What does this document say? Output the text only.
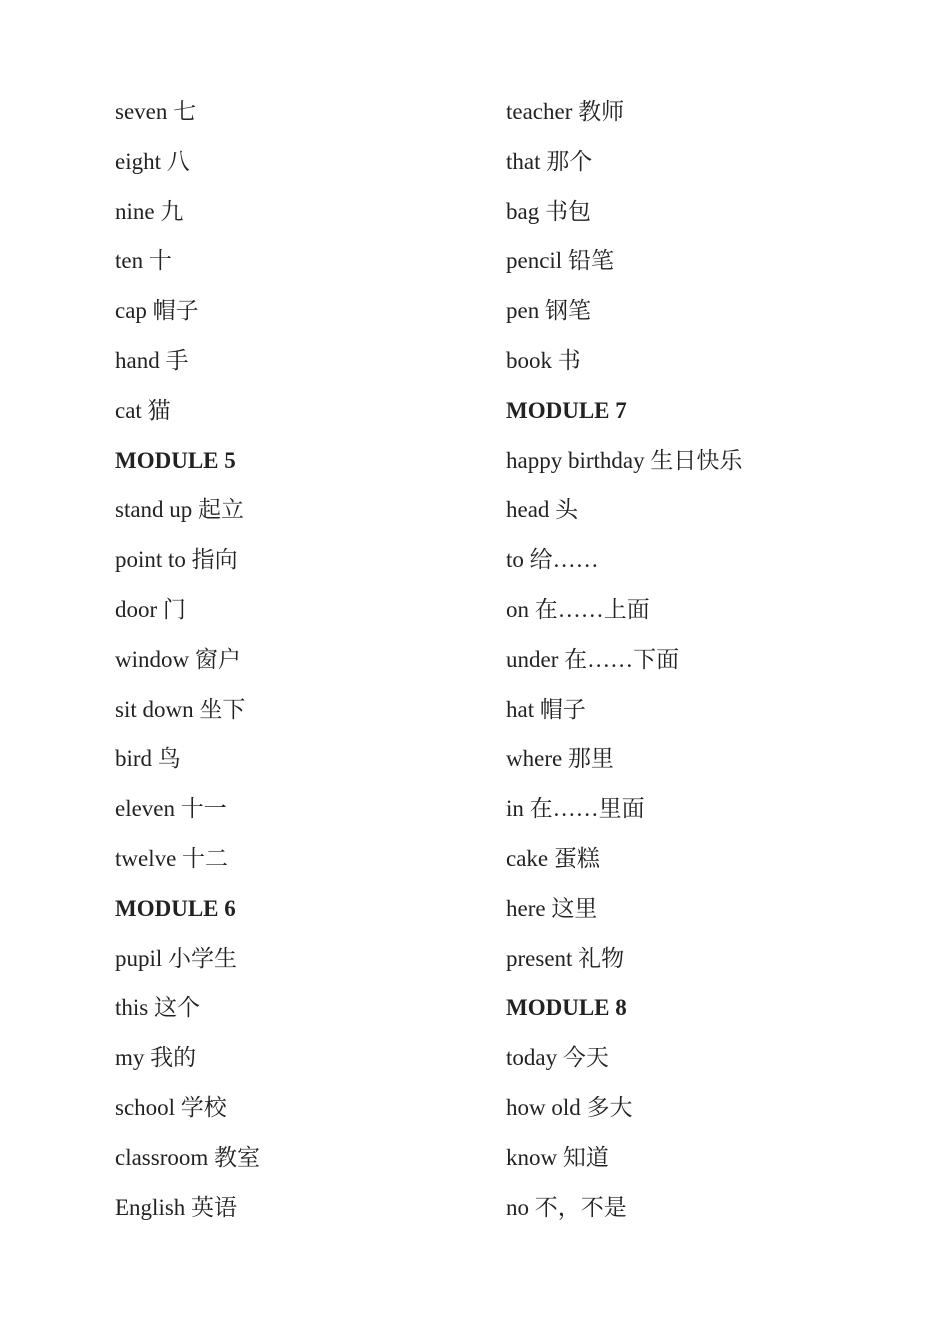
seven 七
eight 八
nine 九
ten 十
cap 帽子
hand 手
cat 猫
MODULE 5
stand up 起立
point to 指向
door 门
window 窗户
sit down 坐下
bird 鸟
eleven 十一
twelve 十二
MODULE 6
pupil 小学生
this 这个
my 我的
school 学校
classroom 教室
English 英语
teacher 教师
that 那个
bag 书包
pencil 铅笔
pen 钢笔
book 书
MODULE 7
happy birthday 生日快乐
head 头
to 给……
on 在……上面
under 在……下面
hat 帽子
where 那里
in 在……里面
cake 蛋糕
here 这里
present 礼物
MODULE 8
today 今天
how old 多大
know 知道
no 不，不是
